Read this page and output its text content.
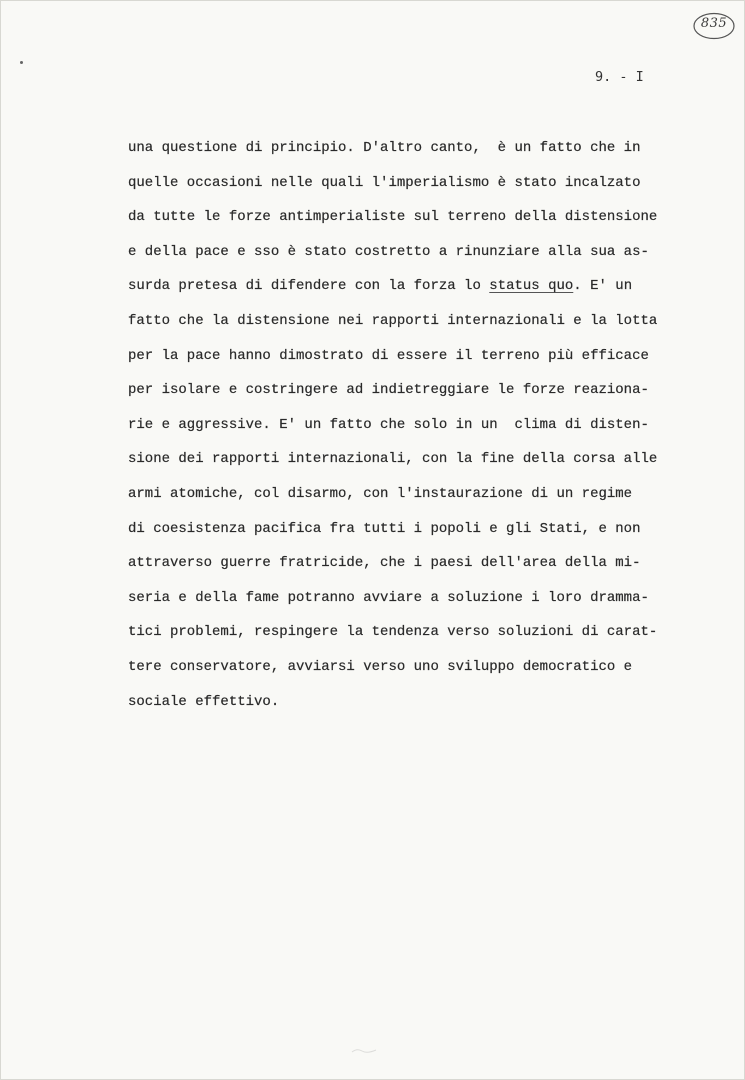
835
9. - I
una questione di principio. D'altro canto,  è un fatto che in
quelle occasioni nelle quali l'imperialismo è stato incalzato
da tutte le forze antimperialiste sul terreno della distensione
e della pace e sso è stato costretto a rinunziare alla sua as-
surda pretesa di difendere con la forza lo status quo. E' un
fatto che la distensione nei rapporti internazionali e la lotta
per la pace hanno dimostrato di essere il terreno più efficace
per isolare e costringere ad indietreggiare le forze reaziona-
rie e aggressive. E' un fatto che solo in un  clima di disten-
sione dei rapporti internazionali, con la fine della corsa alle
armi atomiche, col disarmo, con l'instaurazione di un regime
di coesistenza pacifica fra tutti i popoli e gli Stati, e non
attraverso guerre fratricide, che i paesi dell'area della mi-
seria e della fame potranno avviare a soluzione i loro dramma-
tici problemi, respingere la tendenza verso soluzioni di carat-
tere conservatore, avviarsi verso uno sviluppo democratico e
sociale effettivo.
